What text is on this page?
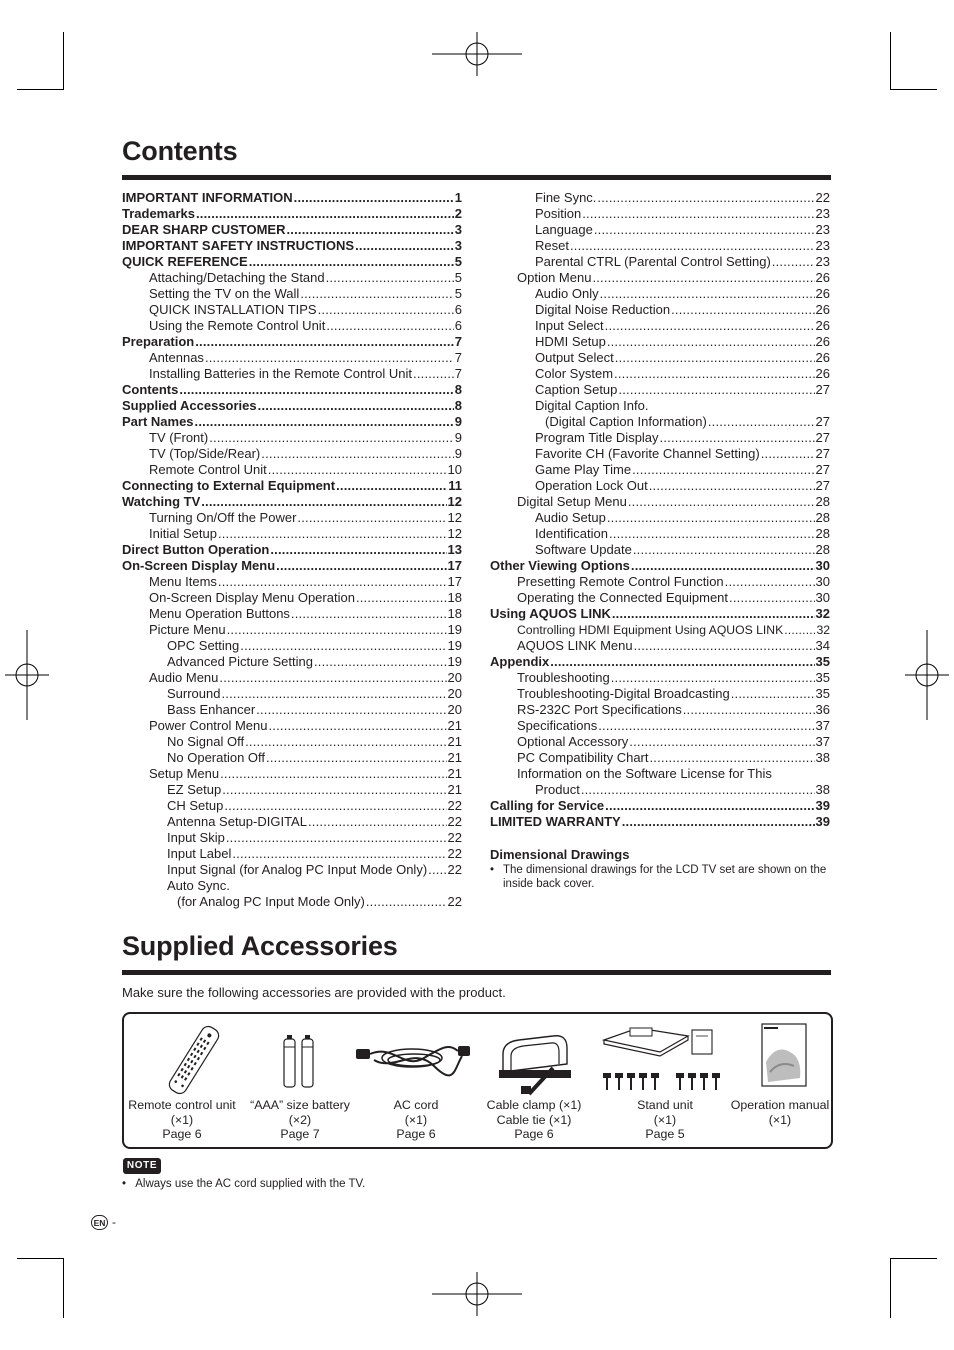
Contents
IMPORTANT INFORMATION .....	1
Trademarks .....	2
DEAR SHARP CUSTOMER .....	3
IMPORTANT SAFETY INSTRUCTIONS .....	3
QUICK REFERENCE .....	5
Attaching/Detaching the Stand .....	5
Setting the TV on the Wall .....	5
QUICK INSTALLATION TIPS .....	6
Using the Remote Control Unit .....	6
Preparation .....	7
Antennas .....	7
Installing Batteries in the Remote Control Unit .....	7
Contents .....	8
Supplied Accessories .....	8
Part Names .....	9
TV (Front) .....	9
TV (Top/Side/Rear) .....	9
Remote Control Unit .....	10
Connecting to External Equipment .....	11
Watching TV .....	12
Turning On/Off the Power .....	12
Initial Setup .....	12
Direct Button Operation .....	13
On-Screen Display Menu .....	17
Menu Items .....	17
On-Screen Display Menu Operation .....	18
Menu Operation Buttons .....	18
Picture Menu .....	19
OPC Setting .....	19
Advanced Picture Setting .....	19
Audio Menu .....	20
Surround .....	20
Bass Enhancer .....	20
Power Control Menu .....	21
No Signal Off .....	21
No Operation Off .....	21
Setup Menu .....	21
EZ Setup .....	21
CH Setup .....	22
Antenna Setup-DIGITAL .....	22
Input Skip .....	22
Input Label .....	22
Input Signal (for Analog PC Input Mode Only) ..... 22
Auto Sync.
(for Analog PC Input Mode Only) .....	22
Fine Sync. .....	22
Position .....	23
Language .....	23
Reset .....	23
Parental CTRL (Parental Control Setting) .....	23
Option Menu .....	26
Audio Only .....	26
Digital Noise Reduction .....	26
Input Select .....	26
HDMI Setup .....	26
Output Select .....	26
Color System .....	26
Caption Setup .....	27
Digital Caption Info.
(Digital Caption Information) .....	27
Program Title Display .....	27
Favorite CH (Favorite Channel Setting) .....	27
Game Play Time .....	27
Operation Lock Out .....	27
Digital Setup Menu .....	28
Audio Setup .....	28
Identification .....	28
Software Update .....	28
Other Viewing Options .....	30
Presetting Remote Control Function .....	30
Operating the Connected Equipment .....	30
Using AQUOS LINK .....	32
Controlling HDMI Equipment Using AQUOS LINK .....	32
AQUOS LINK Menu .....	34
Appendix .....	35
Troubleshooting .....	35
Troubleshooting-Digital Broadcasting .....	35
RS-232C Port Specifications .....	36
Specifications .....	37
Optional Accessory .....	37
PC Compatibility Chart .....	38
Information on the Software License for This
Product .....	38
Calling for Service .....	39
LIMITED WARRANTY .....	39
Dimensional Drawings
• The dimensional drawings for the LCD TV set are shown on the inside back cover.
Supplied Accessories
Make sure the following accessories are provided with the product.
Remote control unit
(×1)
Page 6
“AAA” size battery
(×2)
Page 7
AC cord
(×1)
Page 6
Cable clamp (×1)
Cable tie (×1)
Page 6
Stand unit
(×1)
Page 5
Operation manual
(×1)
NOTE
• Always use the AC cord supplied with the TV.
EN -
